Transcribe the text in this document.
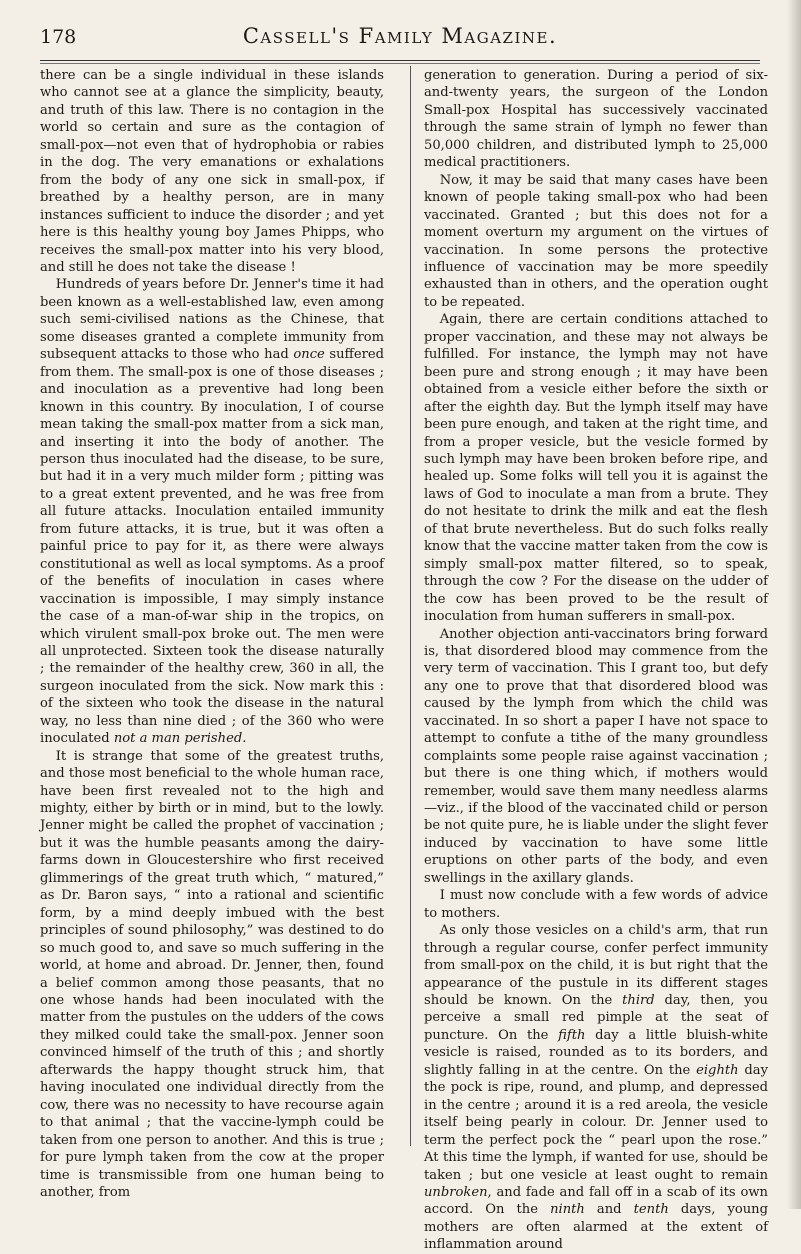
178	Cassell's Family Magazine.

there can be a single individual in these islands who cannot see at a glance the simplicity, beauty, and truth of this law. There is no contagion in the world so certain and sure as the contagion of small-pox—not even that of hydrophobia or rabies in the dog. The very emanations or exhalations from the body of any one sick in small-pox, if breathed by a healthy person, are in many instances sufficient to induce the disorder ; and yet here is this healthy young boy James Phipps, who receives the small-pox matter into his very blood, and still he does not take the disease !

Hundreds of years before Dr. Jenner's time it had been known as a well-established law, even among such semi-civilised nations as the Chinese, that some diseases granted a complete immunity from subsequent attacks to those who had once suffered from them. The small-pox is one of those diseases ; and inoculation as a preventive had long been known in this country. By inoculation, I of course mean taking the small-pox matter from a sick man, and inserting it into the body of another. The person thus inoculated had the disease, to be sure, but had it in a very much milder form ; pitting was to a great extent prevented, and he was free from all future attacks. Inoculation entailed immunity from future attacks, it is true, but it was often a painful price to pay for it, as there were always constitutional as well as local symptoms. As a proof of the benefits of inoculation in cases where vaccination is impossible, I may simply instance the case of a man-of-war ship in the tropics, on which virulent small-pox broke out. The men were all unprotected. Sixteen took the disease naturally ; the remainder of the healthy crew, 360 in all, the surgeon inoculated from the sick. Now mark this : of the sixteen who took the disease in the natural way, no less than nine died ; of the 360 who were inoculated not a man perished.

It is strange that some of the greatest truths, and those most beneficial to the whole human race, have been first revealed not to the high and mighty, either by birth or in mind, but to the lowly. Jenner might be called the prophet of vaccination ; but it was the humble peasants among the dairy-farms down in Gloucestershire who first received glimmerings of the great truth which, “ matured,” as Dr. Baron says, “ into a rational and scientific form, by a mind deeply imbued with the best principles of sound philosophy,” was destined to do so much good to, and save so much suffering in the world, at home and abroad. Dr. Jenner, then, found a belief common among those peasants, that no one whose hands had been inoculated with the matter from the pustules on the udders of the cows they milked could take the small-pox. Jenner soon convinced himself of the truth of this ; and shortly afterwards the happy thought struck him, that having inoculated one individual directly from the cow, there was no necessity to have recourse again to that animal ; that the vaccine-lymph could be taken from one person to another. And this is true ; for pure lymph taken from the cow at the proper time is transmissible from one human being to another, from

generation to generation. During a period of six-and-twenty years, the surgeon of the London Small-pox Hospital has successively vaccinated through the same strain of lymph no fewer than 50,000 children, and distributed lymph to 25,000 medical practitioners.

Now, it may be said that many cases have been known of people taking small-pox who had been vaccinated. Granted ; but this does not for a moment overturn my argument on the virtues of vaccination. In some persons the protective influence of vaccination may be more speedily exhausted than in others, and the operation ought to be repeated.

Again, there are certain conditions attached to proper vaccination, and these may not always be fulfilled. For instance, the lymph may not have been pure and strong enough ; it may have been obtained from a vesicle either before the sixth or after the eighth day. But the lymph itself may have been pure enough, and taken at the right time, and from a proper vesicle, but the vesicle formed by such lymph may have been broken before ripe, and healed up. Some folks will tell you it is against the laws of God to inoculate a man from a brute. They do not hesitate to drink the milk and eat the flesh of that brute nevertheless. But do such folks really know that the vaccine matter taken from the cow is simply small-pox matter filtered, so to speak, through the cow ? For the disease on the udder of the cow has been proved to be the result of inoculation from human sufferers in small-pox.

Another objection anti-vaccinators bring forward is, that disordered blood may commence from the very term of vaccination. This I grant too, but defy any one to prove that that disordered blood was caused by the lymph from which the child was vaccinated. In so short a paper I have not space to attempt to confute a tithe of the many groundless complaints some people raise against vaccination ; but there is one thing which, if mothers would remember, would save them many needless alarms—viz., if the blood of the vaccinated child or person be not quite pure, he is liable under the slight fever induced by vaccination to have some little eruptions on other parts of the body, and even swellings in the axillary glands.

I must now conclude with a few words of advice to mothers.

As only those vesicles on a child's arm, that run through a regular course, confer perfect immunity from small-pox on the child, it is but right that the appearance of the pustule in its different stages should be known. On the third day, then, you perceive a small red pimple at the seat of puncture. On the fifth day a little bluish-white vesicle is raised, rounded as to its borders, and slightly falling in at the centre. On the eighth day the pock is ripe, round, and plump, and depressed in the centre ; around it is a red areola, the vesicle itself being pearly in colour. Dr. Jenner used to term the perfect pock the “ pearl upon the rose.” At this time the lymph, if wanted for use, should be taken ; but one vesicle at least ought to remain unbroken, and fade and fall off in a scab of its own accord. On the ninth and tenth days, young mothers are often alarmed at the extent of inflammation around
